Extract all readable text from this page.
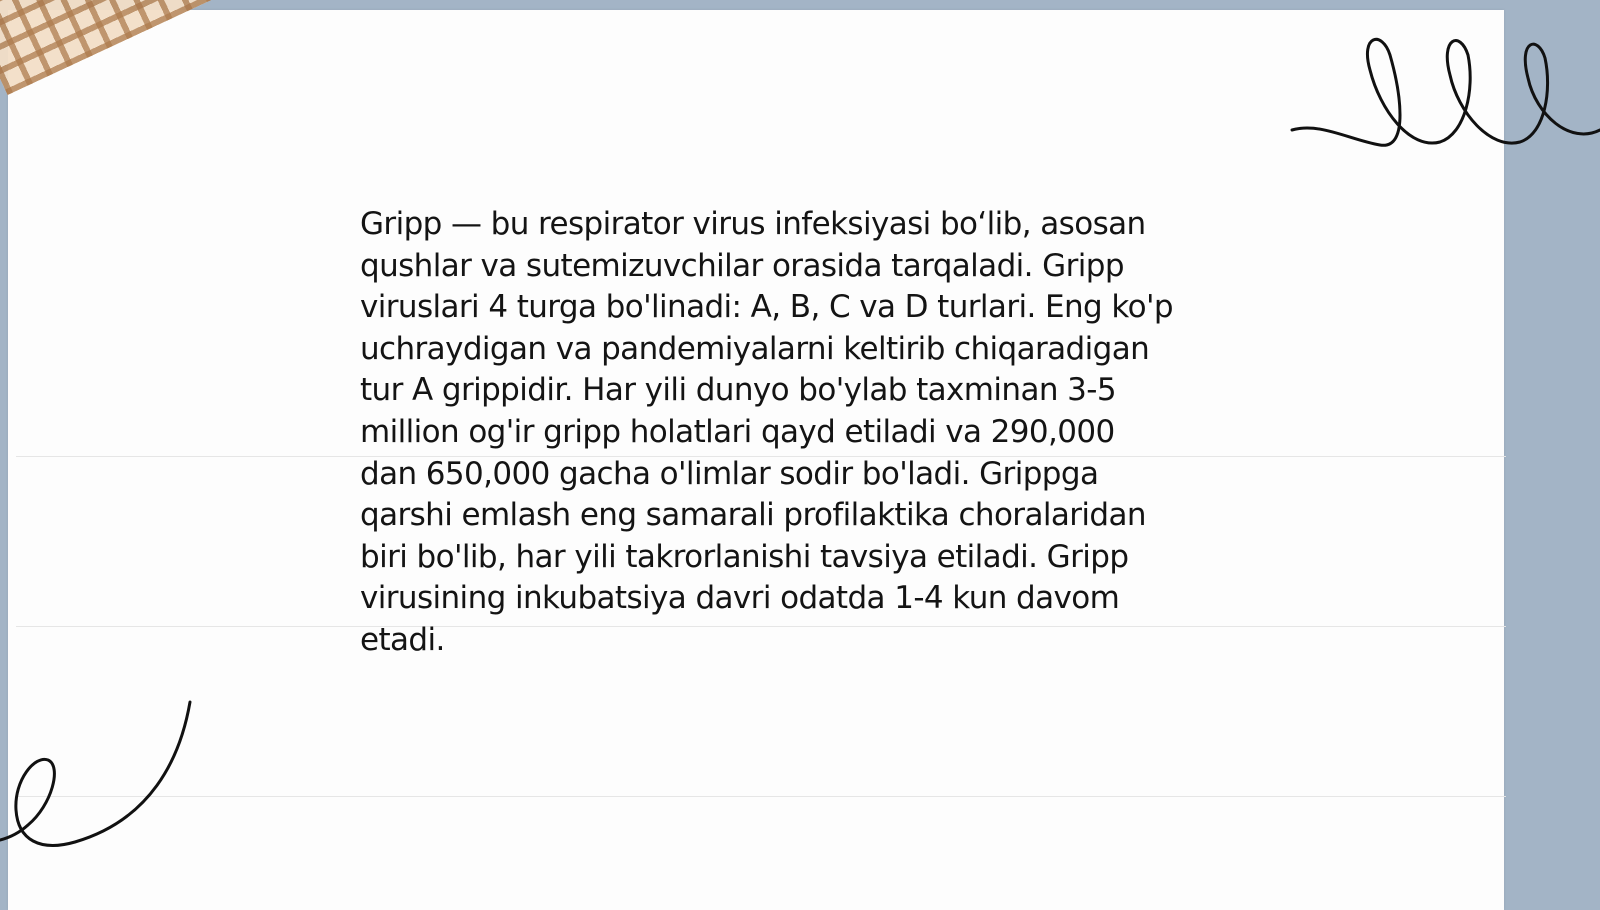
Gripp — bu respirator virus infeksiyasi bo‘lib, asosan
qushlar va sutemizuvchilar orasida tarqaladi. Gripp
viruslari 4 turga bo'linadi: A, B, C va D turlari. Eng ko'p
uchraydigan va pandemiyalarni keltirib chiqaradigan
tur A grippidir. Har yili dunyo bo'ylab taxminan 3-5
million og'ir gripp holatlari qayd etiladi va 290,000
dan 650,000 gacha o'limlar sodir bo'ladi. Grippga
qarshi emlash eng samarali profilaktika choralaridan
biri bo'lib, har yili takrorlanishi tavsiya etiladi. Gripp
virusining inkubatsiya davri odatda 1-4 kun davom
etadi.
